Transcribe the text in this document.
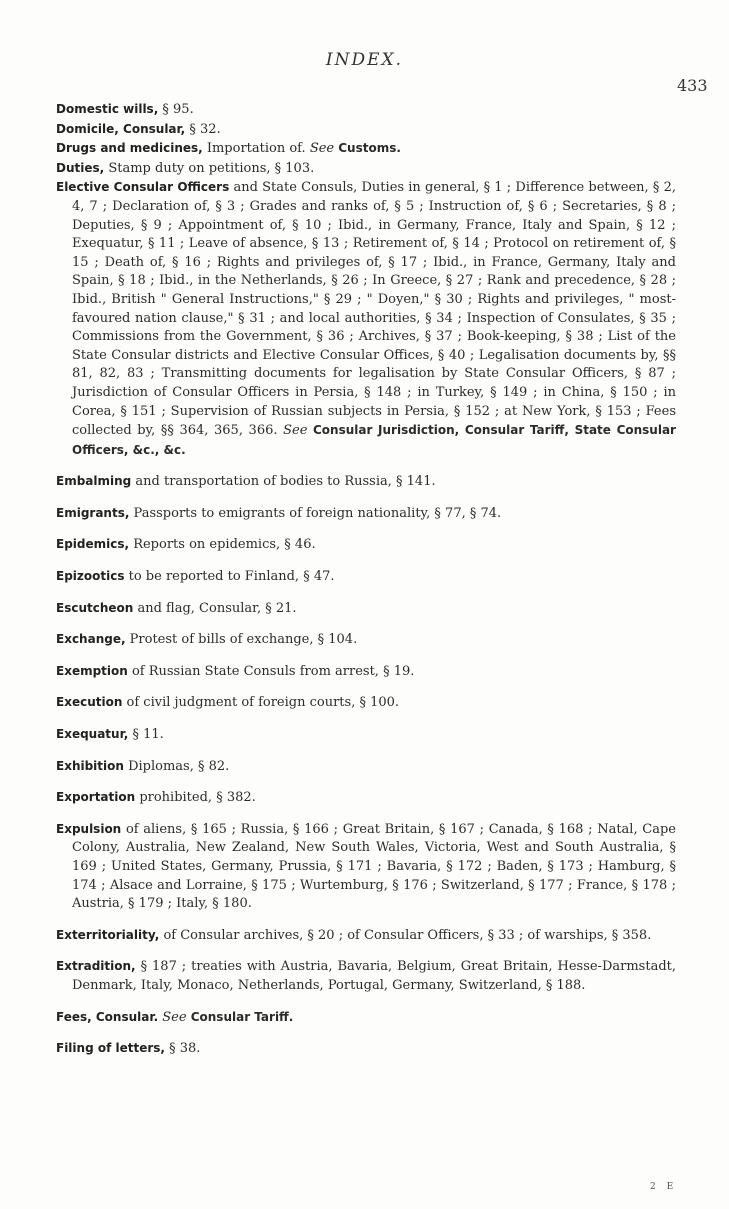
INDEX.
433

Domestic wills, § 95.

Domicile, Consular, § 32.

Drugs and medicines, Importation of. See Customs.

Duties, Stamp duty on petitions, § 103.

Elective Consular Officers and State Consuls, Duties in general, § 1 ; Difference between, § 2, 4, 7 ; Declaration of, § 3 ; Grades and ranks of, § 5 ; Instruction of, § 6 ; Secretaries, § 8 ; Deputies, § 9 ; Appointment of, § 10 ; Ibid., in Germany, France, Italy and Spain, § 12 ; Exequatur, § 11 ; Leave of absence, § 13 ; Retirement of, § 14 ; Protocol on retirement of, § 15 ; Death of, § 16 ; Rights and privileges of, § 17 ; Ibid., in France, Germany, Italy and Spain, § 18 ; Ibid., in the Netherlands, § 26 ; In Greece, § 27 ; Rank and precedence, § 28 ; Ibid., British " General Instructions," § 29 ; " Doyen," § 30 ; Rights and privileges, " most-favoured nation clause," § 31 ; and local authorities, § 34 ; Inspection of Consulates, § 35 ; Commissions from the Government, § 36 ; Archives, § 37 ; Book-keeping, § 38 ; List of the State Consular districts and Elective Consular Offices, § 40 ; Legalisation documents by, §§ 81, 82, 83 ; Transmitting documents for legalisation by State Consular Officers, § 87 ; Jurisdiction of Consular Officers in Persia, § 148 ; in Turkey, § 149 ; in China, § 150 ; in Corea, § 151 ; Supervision of Russian subjects in Persia, § 152 ; at New York, § 153 ; Fees collected by, §§ 364, 365, 366. See Consular Jurisdiction, Consular Tariff, State Consular Officers, &c., &c.

Embalming and transportation of bodies to Russia, § 141.

Emigrants, Passports to emigrants of foreign nationality, § 77, § 74.

Epidemics, Reports on epidemics, § 46.

Epizootics to be reported to Finland, § 47.

Escutcheon and flag, Consular, § 21.

Exchange, Protest of bills of exchange, § 104.

Exemption of Russian State Consuls from arrest, § 19.

Execution of civil judgment of foreign courts, § 100.

Exequatur, § 11.

Exhibition Diplomas, § 82.

Exportation prohibited, § 382.

Expulsion of aliens, § 165 ; Russia, § 166 ; Great Britain, § 167 ; Canada, § 168 ; Natal, Cape Colony, Australia, New Zealand, New South Wales, Victoria, West and South Australia, § 169 ; United States, Germany, Prussia, § 171 ; Bavaria, § 172 ; Baden, § 173 ; Hamburg, § 174 ; Alsace and Lorraine, § 175 ; Wurtemburg, § 176 ; Switzerland, § 177 ; France, § 178 ; Austria, § 179 ; Italy, § 180.

Exterritoriality, of Consular archives, § 20 ; of Consular Officers, § 33 ; of warships, § 358.

Extradition, § 187 ; treaties with Austria, Bavaria, Belgium, Great Britain, Hesse-Darmstadt, Denmark, Italy, Monaco, Netherlands, Portugal, Germany, Switzerland, § 188.

Fees, Consular. See Consular Tariff.

Filing of letters, § 38.

2 E
